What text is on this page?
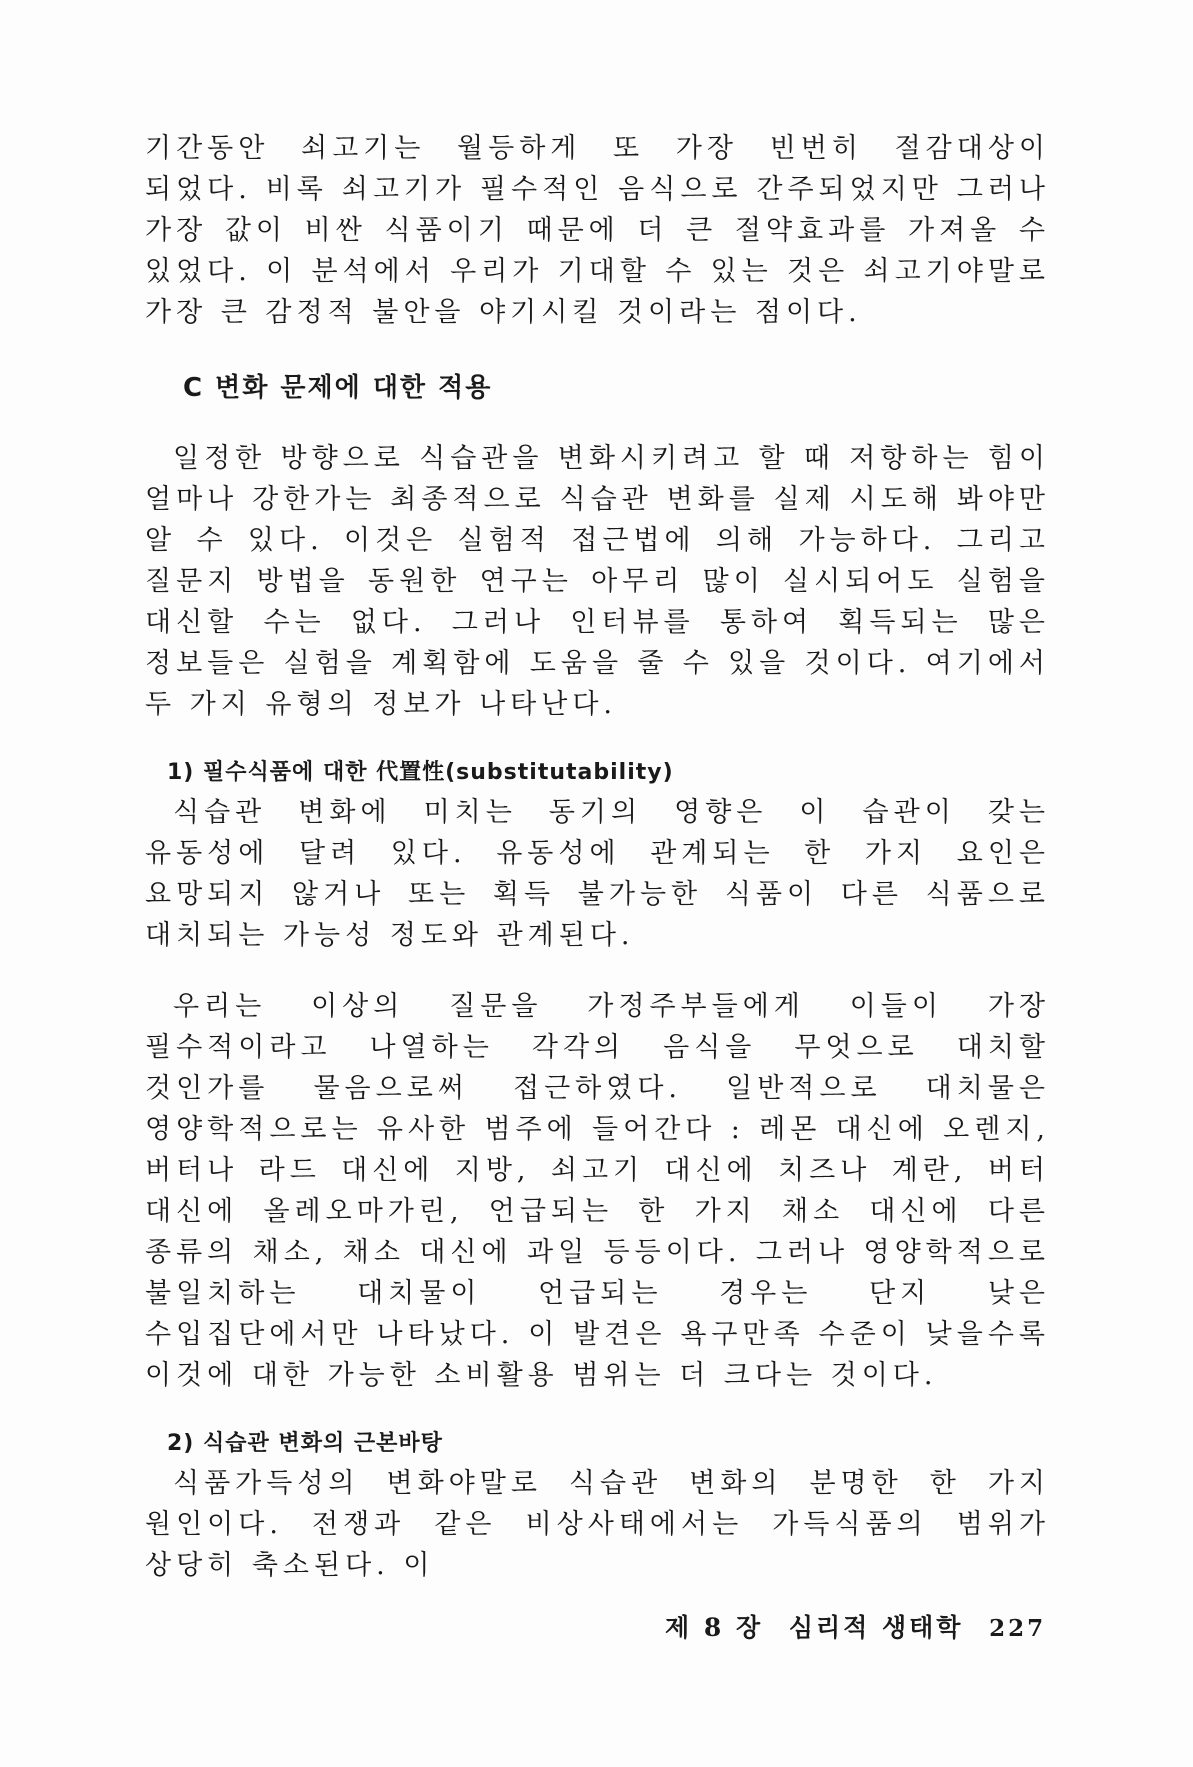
기간동안 쇠고기는 월등하게 또 가장 빈번히 절감대상이 되었다. 비록 쇠고기가 필수적인 음식으로 간주되었지만 그러나 가장 값이 비싼 식품이기 때문에 더 큰 절약효과를 가져올 수 있었다. 이 분석에서 우리가 기대할 수 있는 것은 쇠고기야말로 가장 큰 감정적 불안을 야기시킬 것이라는 점이다.

C 변화 문제에 대한 적용

일정한 방향으로 식습관을 변화시키려고 할 때 저항하는 힘이 얼마나 강한가는 최종적으로 식습관 변화를 실제 시도해 봐야만 알 수 있다. 이것은 실험적 접근법에 의해 가능하다. 그리고 질문지 방법을 동원한 연구는 아무리 많이 실시되어도 실험을 대신할 수는 없다. 그러나 인터뷰를 통하여 획득되는 많은 정보들은 실험을 계획함에 도움을 줄 수 있을 것이다. 여기에서 두 가지 유형의 정보가 나타난다.

1) 필수식품에 대한 代置性(substitutability)

식습관 변화에 미치는 동기의 영향은 이 습관이 갖는 유동성에 달려 있다. 유동성에 관계되는 한 가지 요인은 요망되지 않거나 또는 획득 불가능한 식품이 다른 식품으로 대치되는 가능성 정도와 관계된다.

우리는 이상의 질문을 가정주부들에게 이들이 가장 필수적이라고 나열하는 각각의 음식을 무엇으로 대치할 것인가를 물음으로써 접근하였다. 일반적으로 대치물은 영양학적으로는 유사한 범주에 들어간다 : 레몬 대신에 오렌지, 버터나 라드 대신에 지방, 쇠고기 대신에 치즈나 계란, 버터 대신에 올레오마가린, 언급되는 한 가지 채소 대신에 다른 종류의 채소, 채소 대신에 과일 등등이다. 그러나 영양학적으로 불일치하는 대치물이 언급되는 경우는 단지 낮은 수입집단에서만 나타났다. 이 발견은 욕구만족 수준이 낮을수록 이것에 대한 가능한 소비활용 범위는 더 크다는 것이다.

2) 식습관 변화의 근본바탕

식품가득성의 변화야말로 식습관 변화의 분명한 한 가지 원인이다. 전쟁과 같은 비상사태에서는 가득식품의 범위가 상당히 축소된다. 이

제 8 장 심리적 생태학 227
